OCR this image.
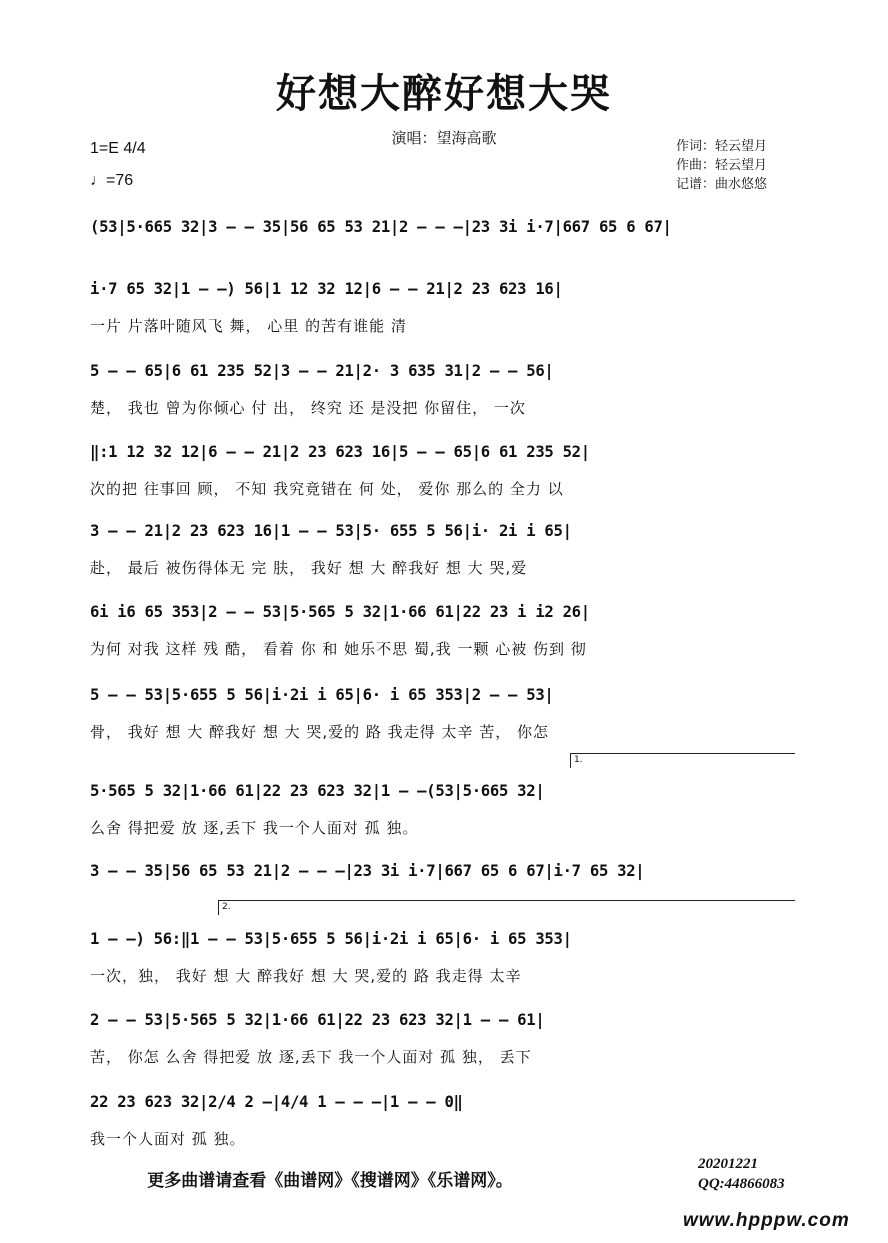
好想大醉好想大哭
演唱：望海高歌
1=E 4/4
♩=76
作词：轻云望月
作曲：轻云望月
记谱：曲水悠悠
(53|5·665 32|3 – – 35|56 65 53 21|2 – – –|23 3i i·7|667 65 6 67|
i·7 65 32|1 – –) 56|1 12 32 12|6 – – 21|2 23 623 16|
一片 片落叶随风飞 舞， 心里 的苦有谁能 清
5 – – 65|6 61 235 52|3 – – 21|2· 3 635 31|2 – – 56|
楚， 我也 曾为你倾心 付 出， 终究 还 是没把 你留住， 一次
‖:1 12 32 12|6 – – 21|2 23 623 16|5 – – 65|6 61 235 52|
次的把 往事回 顾， 不知 我究竟错在 何 处， 爱你 那么的 全力 以
3 – – 21|2 23 623 16|1 – – 53|5· 655 5 56|i· 2i i 65|
赴， 最后 被伤得体无 完 肤， 我好 想 大 醉我好 想 大 哭,爱
6i i6 65 353|2 – – 53|5·565 5 32|1·66 61|22 23 i i2 26|
为何 对我 这样 残 酷， 看着 你 和 她乐不思 蜀,我 一颗 心被 伤到 彻
5 – – 53|5·655 5 56|i·2i i 65|6· i 65 353|2 – – 53|
骨， 我好 想 大 醉我好 想 大 哭,爱的 路 我走得 太辛 苦， 你怎
5·565 5 32|1·66 61|22 23 623 32|1 – –(53|5·665 32|
么舍 得把爱 放 逐,丢下 我一个人面对 孤 独。
3 – – 35|56 65 53 21|2 – – –|23 3i i·7|667 65 6 67|i·7 65 32|
1 – –) 56:‖1 – – 53|5·655 5 56|i·2i i 65|6· i 65 353|
一次，独， 我好 想 大 醉我好 想 大 哭,爱的 路 我走得 太辛
2 – – 53|5·565 5 32|1·66 61|22 23 623 32|1 – – 61|
苦， 你怎 么舍 得把爱 放 逐,丢下 我一个人面对 孤 独， 丢下
22 23 623 32|2/4 2 –|4/4 1 – – –|1 – – 0‖
我一个人面对 孤 独。
1.
2.
更多曲谱请查看《曲谱网》《搜谱网》《乐谱网》。
20201221
QQ:44866083
www.hpppw.com
